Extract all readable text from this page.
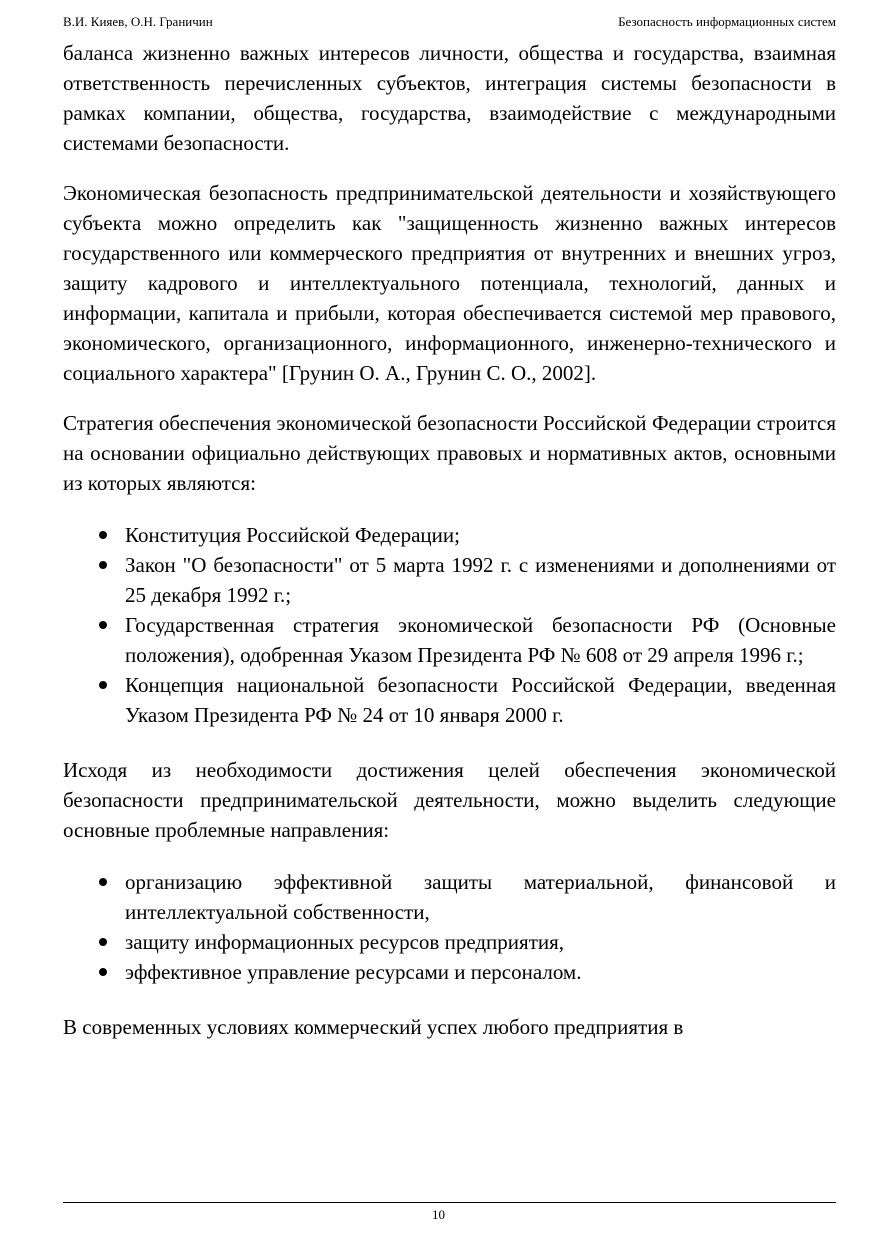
В.И. Кияев, О.Н. Граничин	Безопасность информационных систем

баланса жизненно важных интересов личности, общества и государства, взаимная ответственность перечисленных субъектов, интеграция системы безопасности в рамках компании, общества, государства, взаимодействие с международными системами безопасности.

Экономическая безопасность предпринимательской деятельности и хозяйствующего субъекта можно определить как "защищенность жизненно важных интересов государственного или коммерческого предприятия от внутренних и внешних угроз, защиту кадрового и интеллектуального потенциала, технологий, данных и информации, капитала и прибыли, которая обеспечивается системой мер правового, экономического, организационного, информационного, инженерно-технического и социального характера" [Грунин О. А., Грунин С. О., 2002].

Стратегия обеспечения экономической безопасности Российской Федерации строится на основании официально действующих правовых и нормативных актов, основными из которых являются:

Конституция Российской Федерации;
Закон "О безопасности" от 5 марта 1992 г. с изменениями и дополнениями от 25 декабря 1992 г.;
Государственная стратегия экономической безопасности РФ (Основные положения), одобренная Указом Президента РФ № 608 от 29 апреля 1996 г.;
Концепция национальной безопасности Российской Федерации, введенная Указом Президента РФ № 24 от 10 января 2000 г.

Исходя из необходимости достижения целей обеспечения экономической безопасности предпринимательской деятельности, можно выделить следующие основные проблемные направления:

организацию эффективной защиты материальной, финансовой и интеллектуальной собственности,
защиту информационных ресурсов предприятия,
эффективное управление ресурсами и персоналом.

В современных условиях коммерческий успех любого предприятия в

10
